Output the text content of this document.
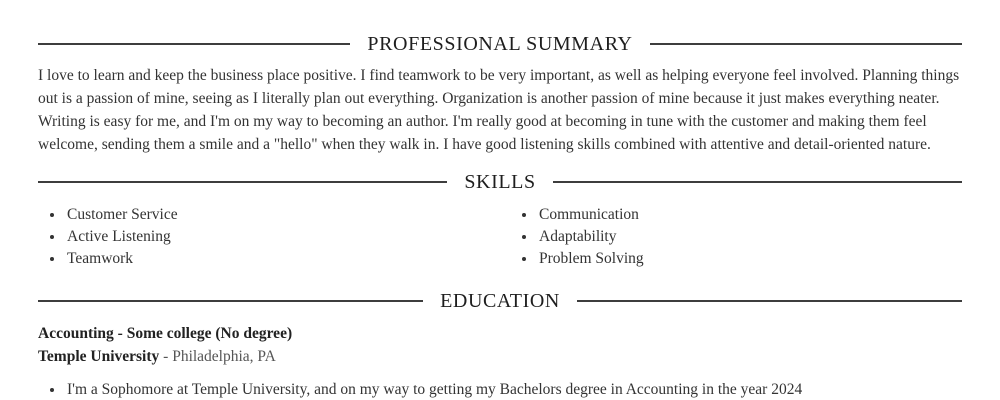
PROFESSIONAL SUMMARY

I love to learn and keep the business place positive. I find teamwork to be very important, as well as helping everyone feel involved. Planning things out is a passion of mine, seeing as I literally plan out everything. Organization is another passion of mine because it just makes everything neater. Writing is easy for me, and I'm on my way to becoming an author. I'm really good at becoming in tune with the customer and making them feel welcome, sending them a smile and a "hello" when they walk in. I have good listening skills combined with attentive and detail-oriented nature.

SKILLS
• Customer Service
• Active Listening
• Teamwork
• Communication
• Adaptability
• Problem Solving
EDUCATION
Accounting - Some college (No degree)
Temple University - Philadelphia, PA
• I'm a Sophomore at Temple University, and on my way to getting my Bachelors degree in Accounting in the year 2024
